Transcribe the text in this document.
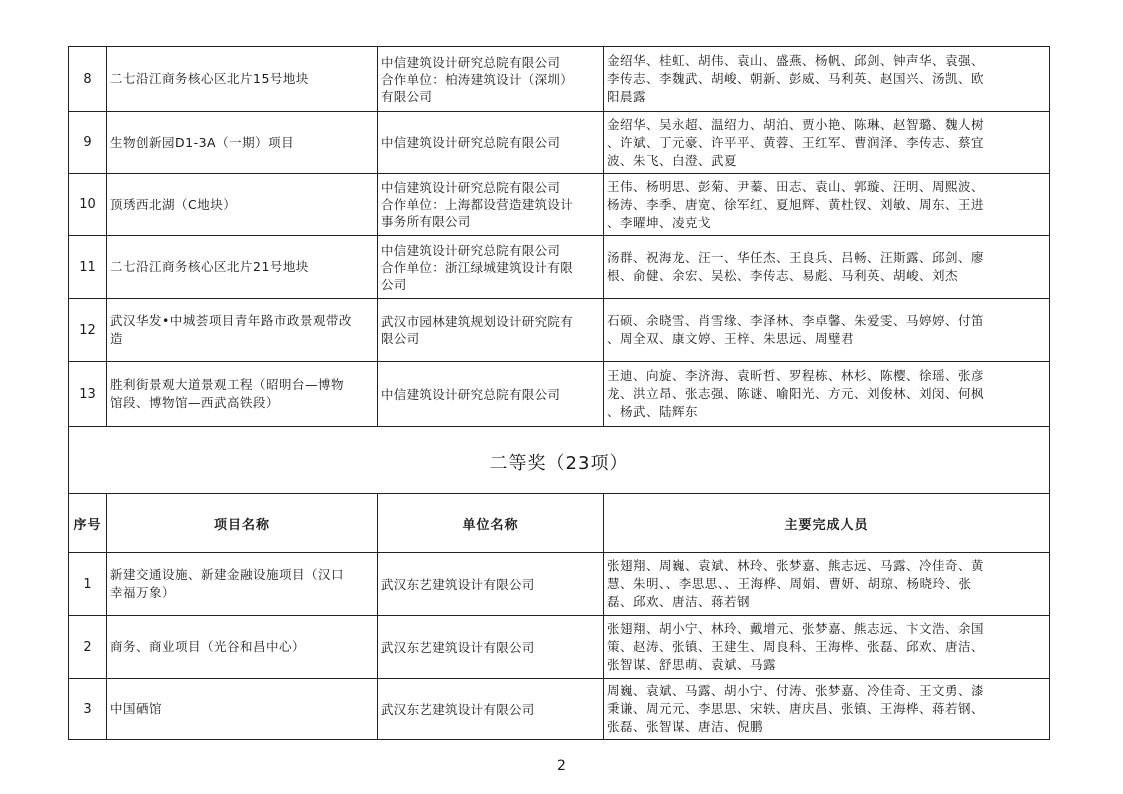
8	二七沿江商务核心区北片15号地块	中信建筑设计研究总院有限公司
合作单位：柏涛建筑设计（深圳）
有限公司	金绍华、桂虹、胡伟、袁山、盛燕、杨帆、邱剑、钟声华、袁强、
李传志、李魏武、胡峻、朝新、彭威、马利英、赵国兴、汤凯、欧
阳晨露

9	生物创新园D1-3A（一期）项目	中信建筑设计研究总院有限公司	金绍华、吴永超、温绍力、胡泊、贾小艳、陈琳、赵智璐、魏人树
、许斌、丁元豪、许平平、黄蓉、王红军、曹润泽、李传志、蔡宜
波、朱飞、白澄、武夏

10	顶琇西北湖（C地块）	中信建筑设计研究总院有限公司
合作单位：上海都设营造建筑设计
事务所有限公司	王伟、杨明思、彭菊、尹蓁、田志、袁山、郭璇、汪明、周熙波、
杨涛、李季、唐宽、徐军红、夏旭辉、黄杜钗、刘敏、周东、王进
、李曜坤、凌克戈

11	二七沿江商务核心区北片21号地块	中信建筑设计研究总院有限公司
合作单位：浙江绿城建筑设计有限
公司	汤群、祝海龙、汪一、华任杰、王良兵、吕畅、汪斯露、邱剑、廖
根、俞健、余宏、吴松、李传志、易彪、马利英、胡峻、刘杰

12	武汉华发•中城荟项目青年路市政景观带改
造	武汉市园林建筑规划设计研究院有
限公司	石硕、余晓雪、肖雪缘、李泽林、李卓馨、朱爱雯、马婷婷、付笛
、周全双、康文婷、王梓、朱思远、周璧君

13	胜利街景观大道景观工程（昭明台—博物
馆段、博物馆—西武高铁段）	中信建筑设计研究总院有限公司	王迪、向旋、李济海、袁昕哲、罗程栋、林杉、陈樱、徐瑶、张彦
龙、洪立昂、张志强、陈谜、喻阳光、方元、刘俊林、刘闵、何枫
、杨武、陆辉东

二等奖（23项）			
序号	项目名称	单位名称	主要完成人员
1	新建交通设施、新建金融设施项目（汉口
幸福万象）	武汉东艺建筑设计有限公司	张翅翔、周巍、袁斌、林玲、张梦嘉、熊志远、马露、冷佳奇、黄
慧、朱明、、李思思、、王海桦、周娟、曹妍、胡琼、杨晓玲、张
磊、邱欢、唐洁、蒋若钢

2	商务、商业项目（光谷和昌中心）	武汉东艺建筑设计有限公司	张翅翔、胡小宁、林玲、戴增元、张梦嘉、熊志远、卞文浩、余国
策、赵涛、张镇、王建生、周良科、王海桦、张磊、邱欢、唐洁、
张智谋、舒思萌、袁斌、马露

3	中国硒馆	武汉东艺建筑设计有限公司	周巍、袁斌、马露、胡小宁、付涛、张梦嘉、冷佳奇、王文勇、漆
秉谦、周元元、李思思、宋轶、唐庆昌、张镇、王海桦、蒋若钢、
张磊、张智谋、唐洁、倪鹏
2
